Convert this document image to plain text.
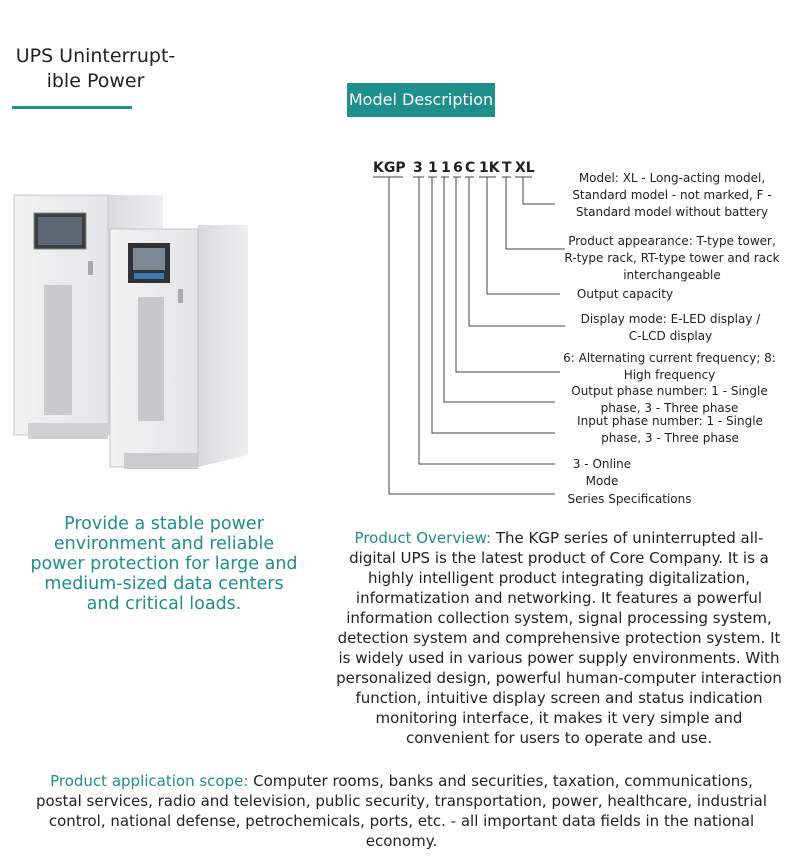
UPS Uninterrupt-
ible Power
Model Description
Provide a stable power environment and reliable power protection for large and medium-sized data centers and critical loads.
KGP 3 1 1 6 C 1K T XL
Model: XL - Long-acting model, Standard model - not marked, F - Standard model without battery
Product appearance: T-type tower, R-type rack, RT-type tower and rack interchangeable
Output capacity
Display mode: E-LED display / C-LCD display
6: Alternating current frequency; 8: High frequency
Output phase number: 1 - Single phase, 3 - Three phase
Input phase number: 1 - Single phase, 3 - Three phase
3 - Online Mode
Series Specifications
Product Overview: The KGP series of uninterrupted all-digital UPS is the latest product of Core Company. It is a highly intelligent product integrating digitalization, informatization and networking. It features a powerful information collection system, signal processing system, detection system and comprehensive protection system. It is widely used in various power supply environments. With personalized design, powerful human-computer interaction function, intuitive display screen and status indication monitoring interface, it makes it very simple and convenient for users to operate and use.
Product application scope: Computer rooms, banks and securities, taxation, communications, postal services, radio and television, public security, transportation, power, healthcare, industrial control, national defense, petrochemicals, ports, etc. - all important data fields in the national economy.
